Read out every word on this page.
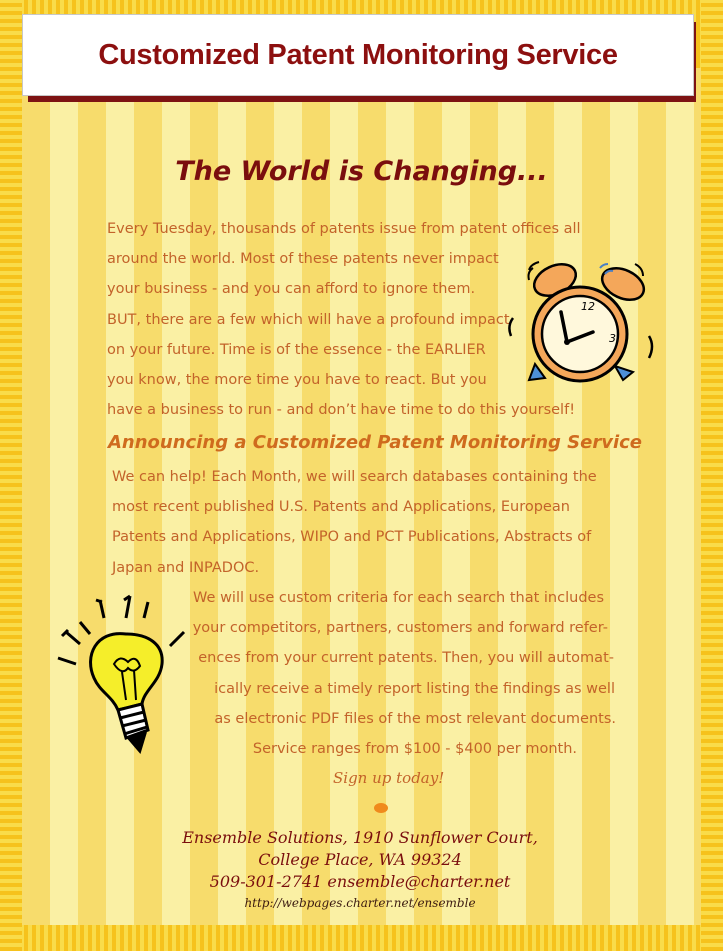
Customized Patent Monitoring Service
The World is Changing...
Every Tuesday, thousands of patents issue from patent offices all
around the world. Most of these patents never impact
your business - and you can afford to ignore them.
BUT, there are a few which will have a profound impact
on your future. Time is of the essence - the EARLIER
you know, the more time you have to react. But you
have a business to run - and don’t have time to do this yourself!
12
3
Announcing a Customized Patent Monitoring Service
We can help! Each Month, we will search databases containing the
most recent published U.S. Patents and Applications, European
Patents and Applications, WIPO and PCT Publications, Abstracts of
Japan and INPADOC.
We will use custom criteria for each search that includes
your competitors, partners, customers and forward refer-
ences from your current patents. Then, you will automat-
ically receive a timely report listing the findings as well
as electronic PDF files of the most relevant documents.
Service ranges from $100 - $400 per month.
Sign up today!
Ensemble Solutions, 1910 Sunflower Court,
College Place, WA 99324
509-301-2741 ensemble@charter.net
http://webpages.charter.net/ensemble
